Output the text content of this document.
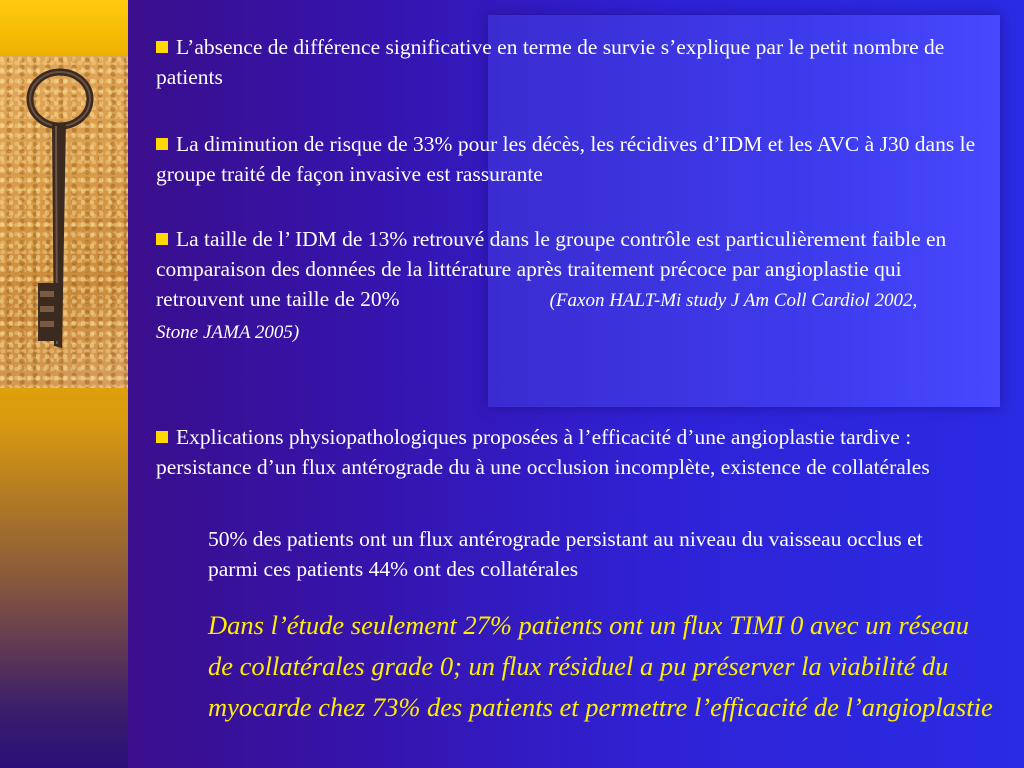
L’absence de différence significative en terme de survie s’explique par le petit nombre de patients

La diminution de risque de 33% pour les décès, les récidives d’IDM et les AVC à J30 dans le groupe traité de façon invasive est rassurante

La taille de l’ IDM de 13% retrouvé dans le groupe contrôle est particulièrement faible en comparaison des données de la littérature après traitement précoce par angioplastie qui retrouvent une taille de 20%	(Faxon HALT-Mi study J Am Coll Cardiol 2002, Stone JAMA 2005)

Explications physiopathologiques proposées à l’efficacité d’une angioplastie tardive : persistance d’un flux antérograde du à une occlusion incomplète, existence de collatérales

50% des patients ont un flux antérograde persistant au niveau du vaisseau occlus et parmi ces patients 44% ont des collatérales

Dans l’étude seulement 27% patients ont un flux TIMI 0 avec un réseau de collatérales grade 0; un flux résiduel a pu préserver la viabilité du myocarde chez 73% des patients et permettre l’efficacité de l’angioplastie
